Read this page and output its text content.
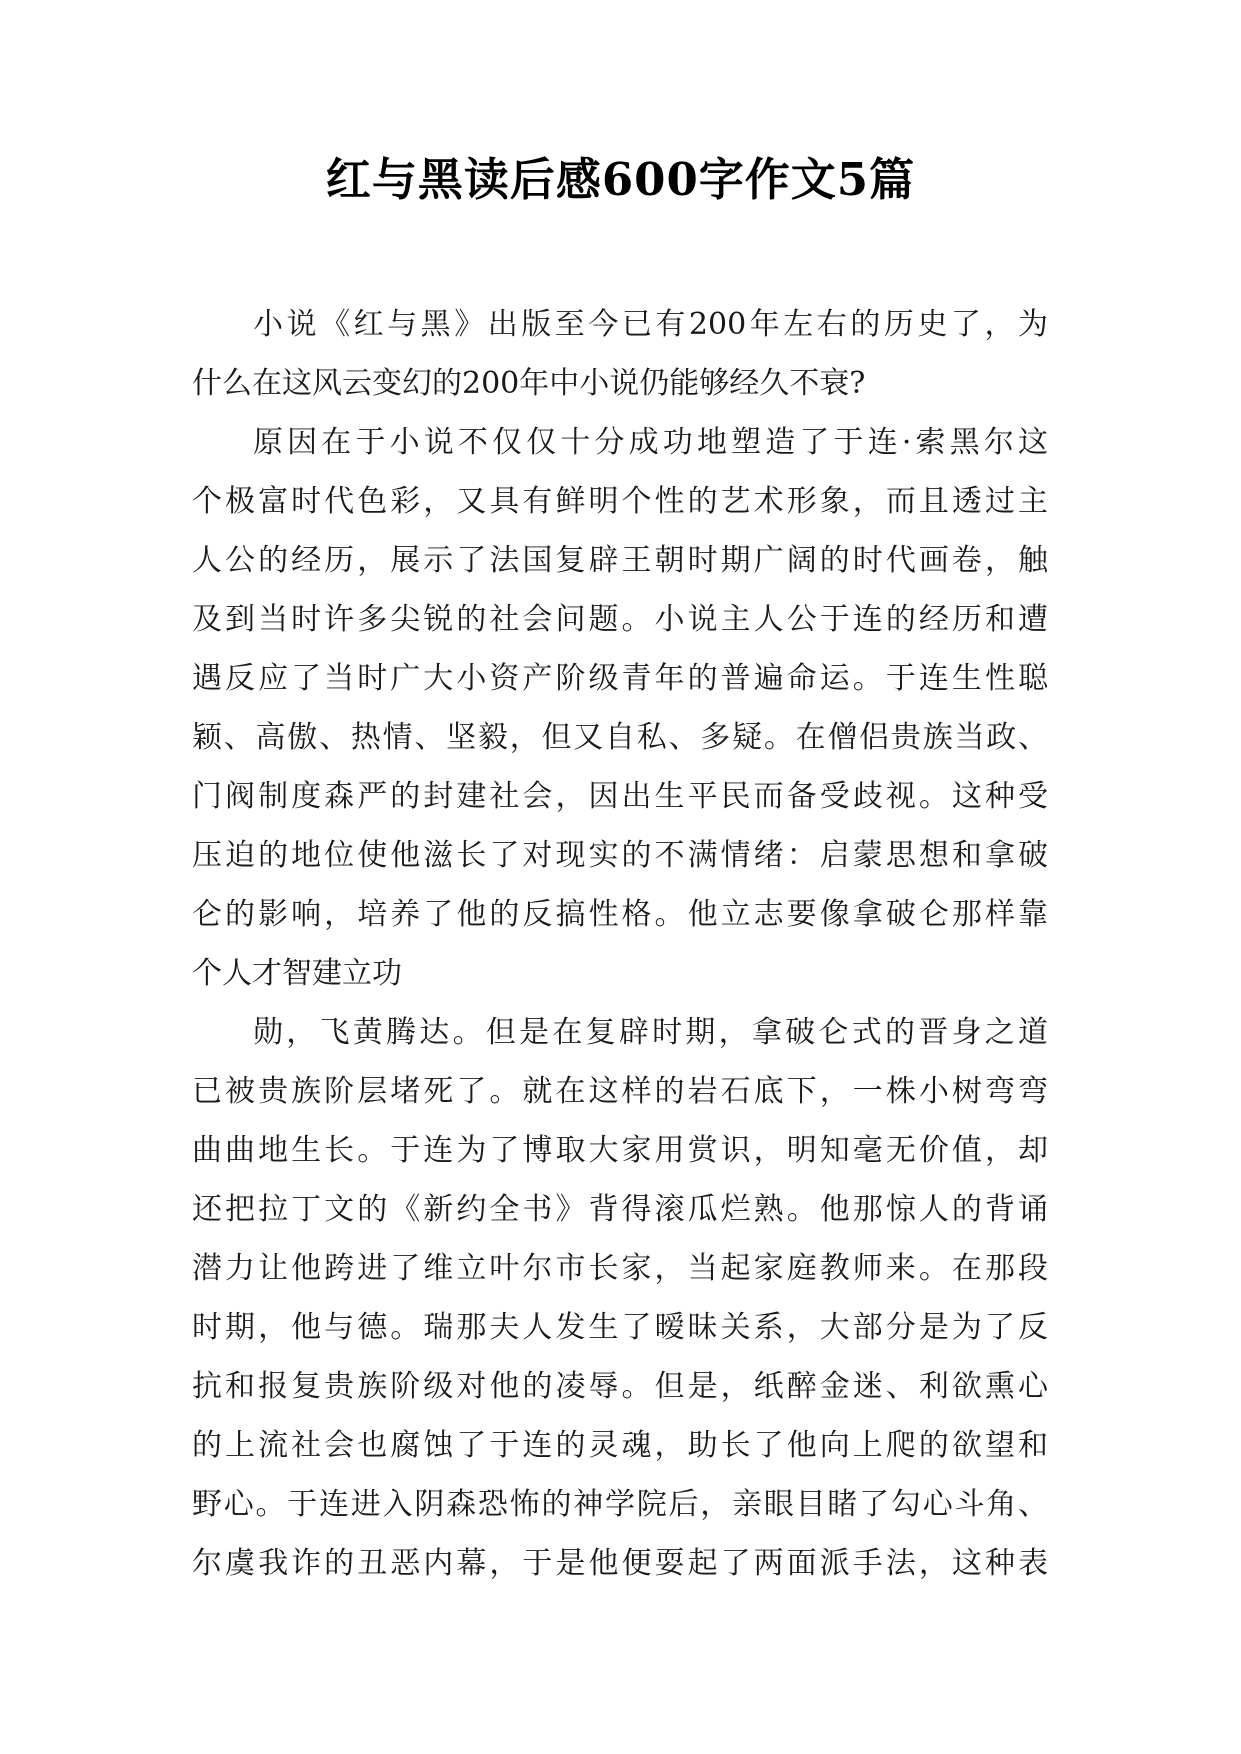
红与黑读后感600字作文5篇

小说《红与黑》出版至今已有200年左右的历史了，为
什么在这风云变幻的200年中小说仍能够经久不衰?

原因在于小说不仅仅十分成功地塑造了于连·索黑尔这
个极富时代色彩，又具有鲜明个性的艺术形象，而且透过主
人公的经历，展示了法国复辟王朝时期广阔的时代画卷，触
及到当时许多尖锐的社会问题。小说主人公于连的经历和遭
遇反应了当时广大小资产阶级青年的普遍命运。于连生性聪
颖、高傲、热情、坚毅，但又自私、多疑。在僧侣贵族当政、
门阀制度森严的封建社会，因出生平民而备受歧视。这种受
压迫的地位使他滋长了对现实的不满情绪：启蒙思想和拿破
仑的影响，培养了他的反搞性格。他立志要像拿破仑那样靠
个人才智建立功

勋，飞黄腾达。但是在复辟时期，拿破仑式的晋身之道
已被贵族阶层堵死了。就在这样的岩石底下，一株小树弯弯
曲曲地生长。于连为了博取大家用赏识，明知毫无价值，却
还把拉丁文的《新约全书》背得滚瓜烂熟。他那惊人的背诵
潜力让他跨进了维立叶尔市长家，当起家庭教师来。在那段
时期，他与德。瑞那夫人发生了暧昧关系，大部分是为了反
抗和报复贵族阶级对他的凌辱。但是，纸醉金迷、利欲熏心
的上流社会也腐蚀了于连的灵魂，助长了他向上爬的欲望和
野心。于连进入阴森恐怖的神学院后，亲眼目睹了勾心斗角、
尔虞我诈的丑恶内幕，于是他便耍起了两面派手法，这种表
